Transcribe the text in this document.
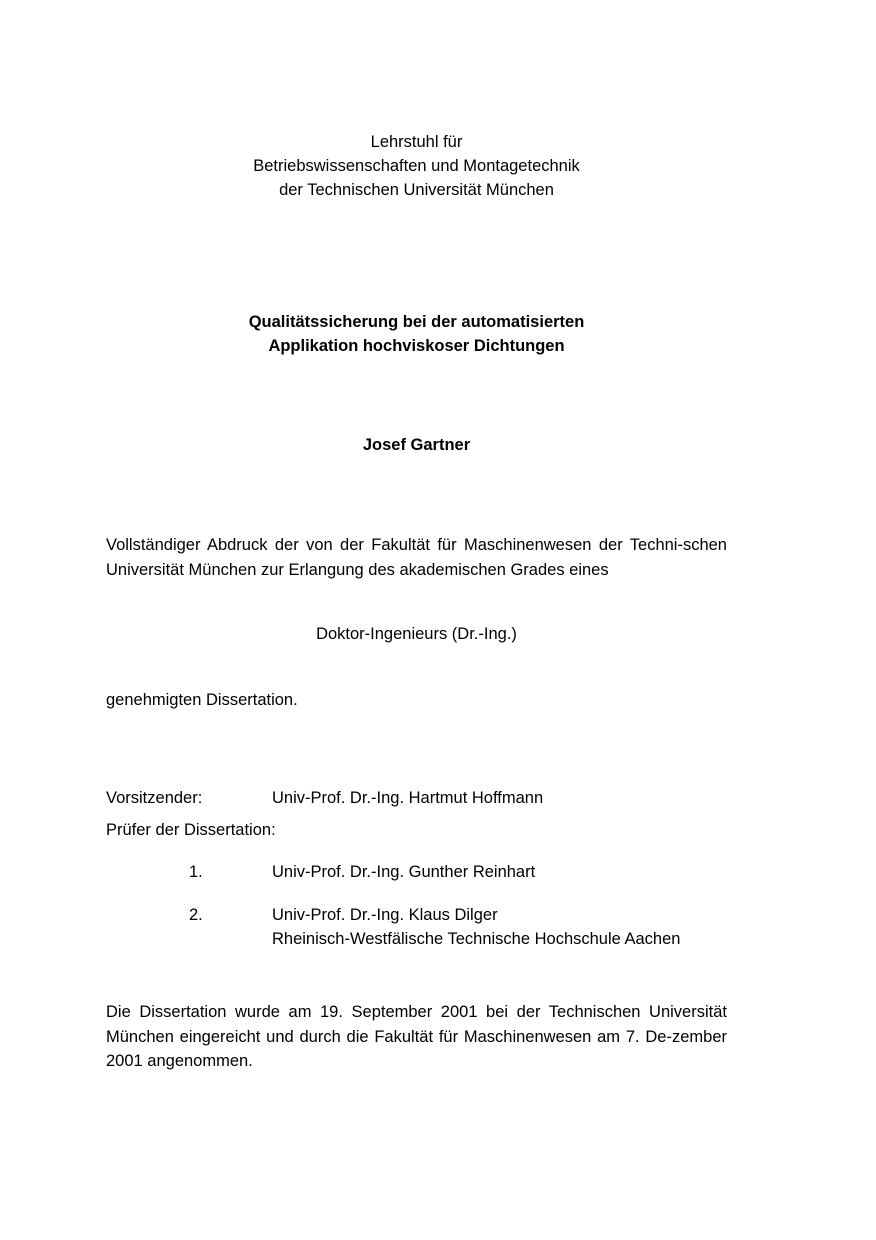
Lehrstuhl für
Betriebswissenschaften und Montagetechnik
der Technischen Universität München
Qualitätssicherung bei der automatisierten
Applikation hochviskoser Dichtungen
Josef Gartner
Vollständiger Abdruck der von der Fakultät für Maschinenwesen der Techni-schen Universität München zur Erlangung des akademischen Grades eines
Doktor-Ingenieurs (Dr.-Ing.)
genehmigten Dissertation.
Vorsitzender:	Univ-Prof. Dr.-Ing. Hartmut Hoffmann
Prüfer der Dissertation:
1.	Univ-Prof. Dr.-Ing. Gunther Reinhart
2.	Univ-Prof. Dr.-Ing. Klaus Dilger
Rheinisch-Westfälische Technische Hochschule Aachen
Die Dissertation wurde am 19. September 2001 bei der Technischen Universität München eingereicht und durch die Fakultät für Maschinenwesen am 7. De-zember 2001 angenommen.
